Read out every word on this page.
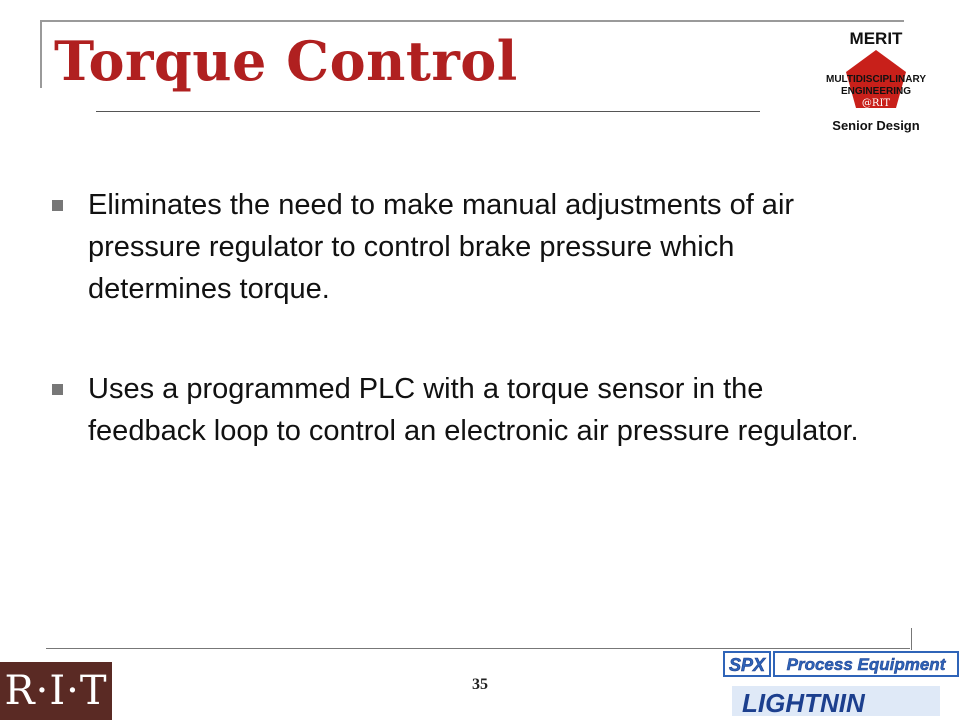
Torque Control	MERIT
MULTIDISCIPLINARY
ENGINEERING
@RIT
Senior Design
Eliminates the need to make manual adjustments of air pressure regulator to control brake pressure which determines torque.
Uses a programmed PLC with a torque sensor in the feedback loop to control an electronic air pressure regulator.
R·I·T	35
SPX Process Equipment
LIGHTNIN
